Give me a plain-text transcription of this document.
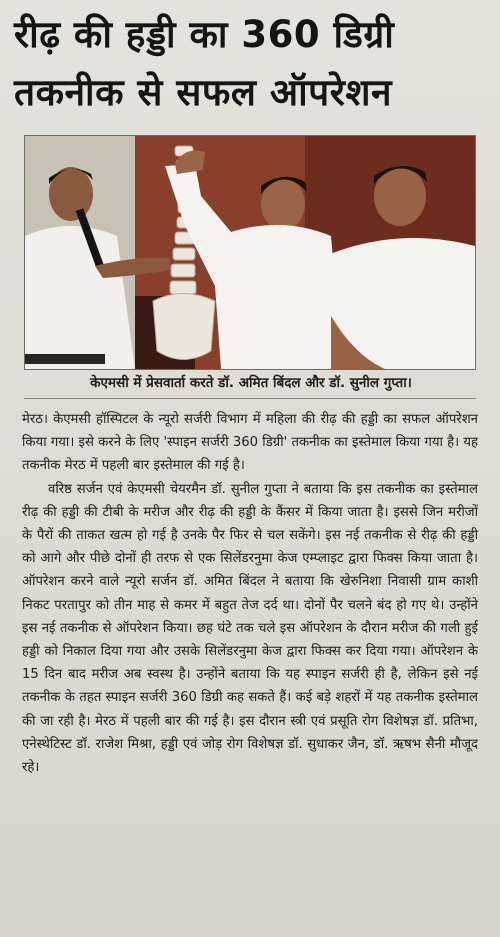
रीढ़ की हड्डी का 360 डिग्री तकनीक से सफल ऑपरेशन
केएमसी में प्रेसवार्ता करते डॉ. अमित बिंदल और डॉ. सुनील गुप्ता।

मेरठ। केएमसी हॉस्पिटल के न्यूरो सर्जरी विभाग में महिला की रीढ़ की हड्डी का सफल ऑपरेशन किया गया। इसे करने के लिए 'स्पाइन सर्जरी 360 डिग्री' तकनीक का इस्तेमाल किया गया है। यह तकनीक मेरठ में पहली बार इस्तेमाल की गई है।

वरिष्ठ सर्जन एवं केएमसी चेयरमैन डॉ. सुनील गुप्ता ने बताया कि इस तकनीक का इस्तेमाल रीढ़ की हड्डी की टीबी के मरीज और रीढ़ की हड्डी के कैंसर में किया जाता है। इससे जिन मरीजों के पैरों की ताकत खत्म हो गई है उनके पैर फिर से चल सकेंगे। इस नई तकनीक से रीढ़ की हड्डी को आगे और पीछे दोनों ही तरफ से एक सिलेंडरनुमा केज एम्प्लाइट द्वारा फिक्स किया जाता है। ऑपरेशन करने वाले न्यूरो सर्जन डॉ. अमित बिंदल ने बताया कि खेरुनिशा निवासी ग्राम काशी निकट परतापुर को तीन माह से कमर में बहुत तेज दर्द था। दोनों पैर चलने बंद हो गए थे। उन्होंने इस नई तकनीक से ऑपरेशन किया। छह घंटे तक चले इस ऑपरेशन के दौरान मरीज की गली हुई हड्डी को निकाल दिया गया और उसके सिलेंडरनुमा केज द्वारा फिक्स कर दिया गया। ऑपरेशन के 15 दिन बाद मरीज अब स्वस्थ है। उन्होंने बताया कि यह स्पाइन सर्जरी ही है, लेकिन इसे नई तकनीक के तहत स्पाइन सर्जरी 360 डिग्री कह सकते हैं। कई बड़े शहरों में यह तकनीक इस्तेमाल की जा रही है। मेरठ में पहली बार की गई है। इस दौरान स्त्री एवं प्रसूति रोग विशेषज्ञ डॉ. प्रतिभा, एनेस्थेटिस्ट डॉ. राजेश मिश्रा, हड्डी एवं जोड़ रोग विशेषज्ञ डॉ. सुधाकर जैन, डॉ. ऋषभ सैनी मौजूद रहे।
